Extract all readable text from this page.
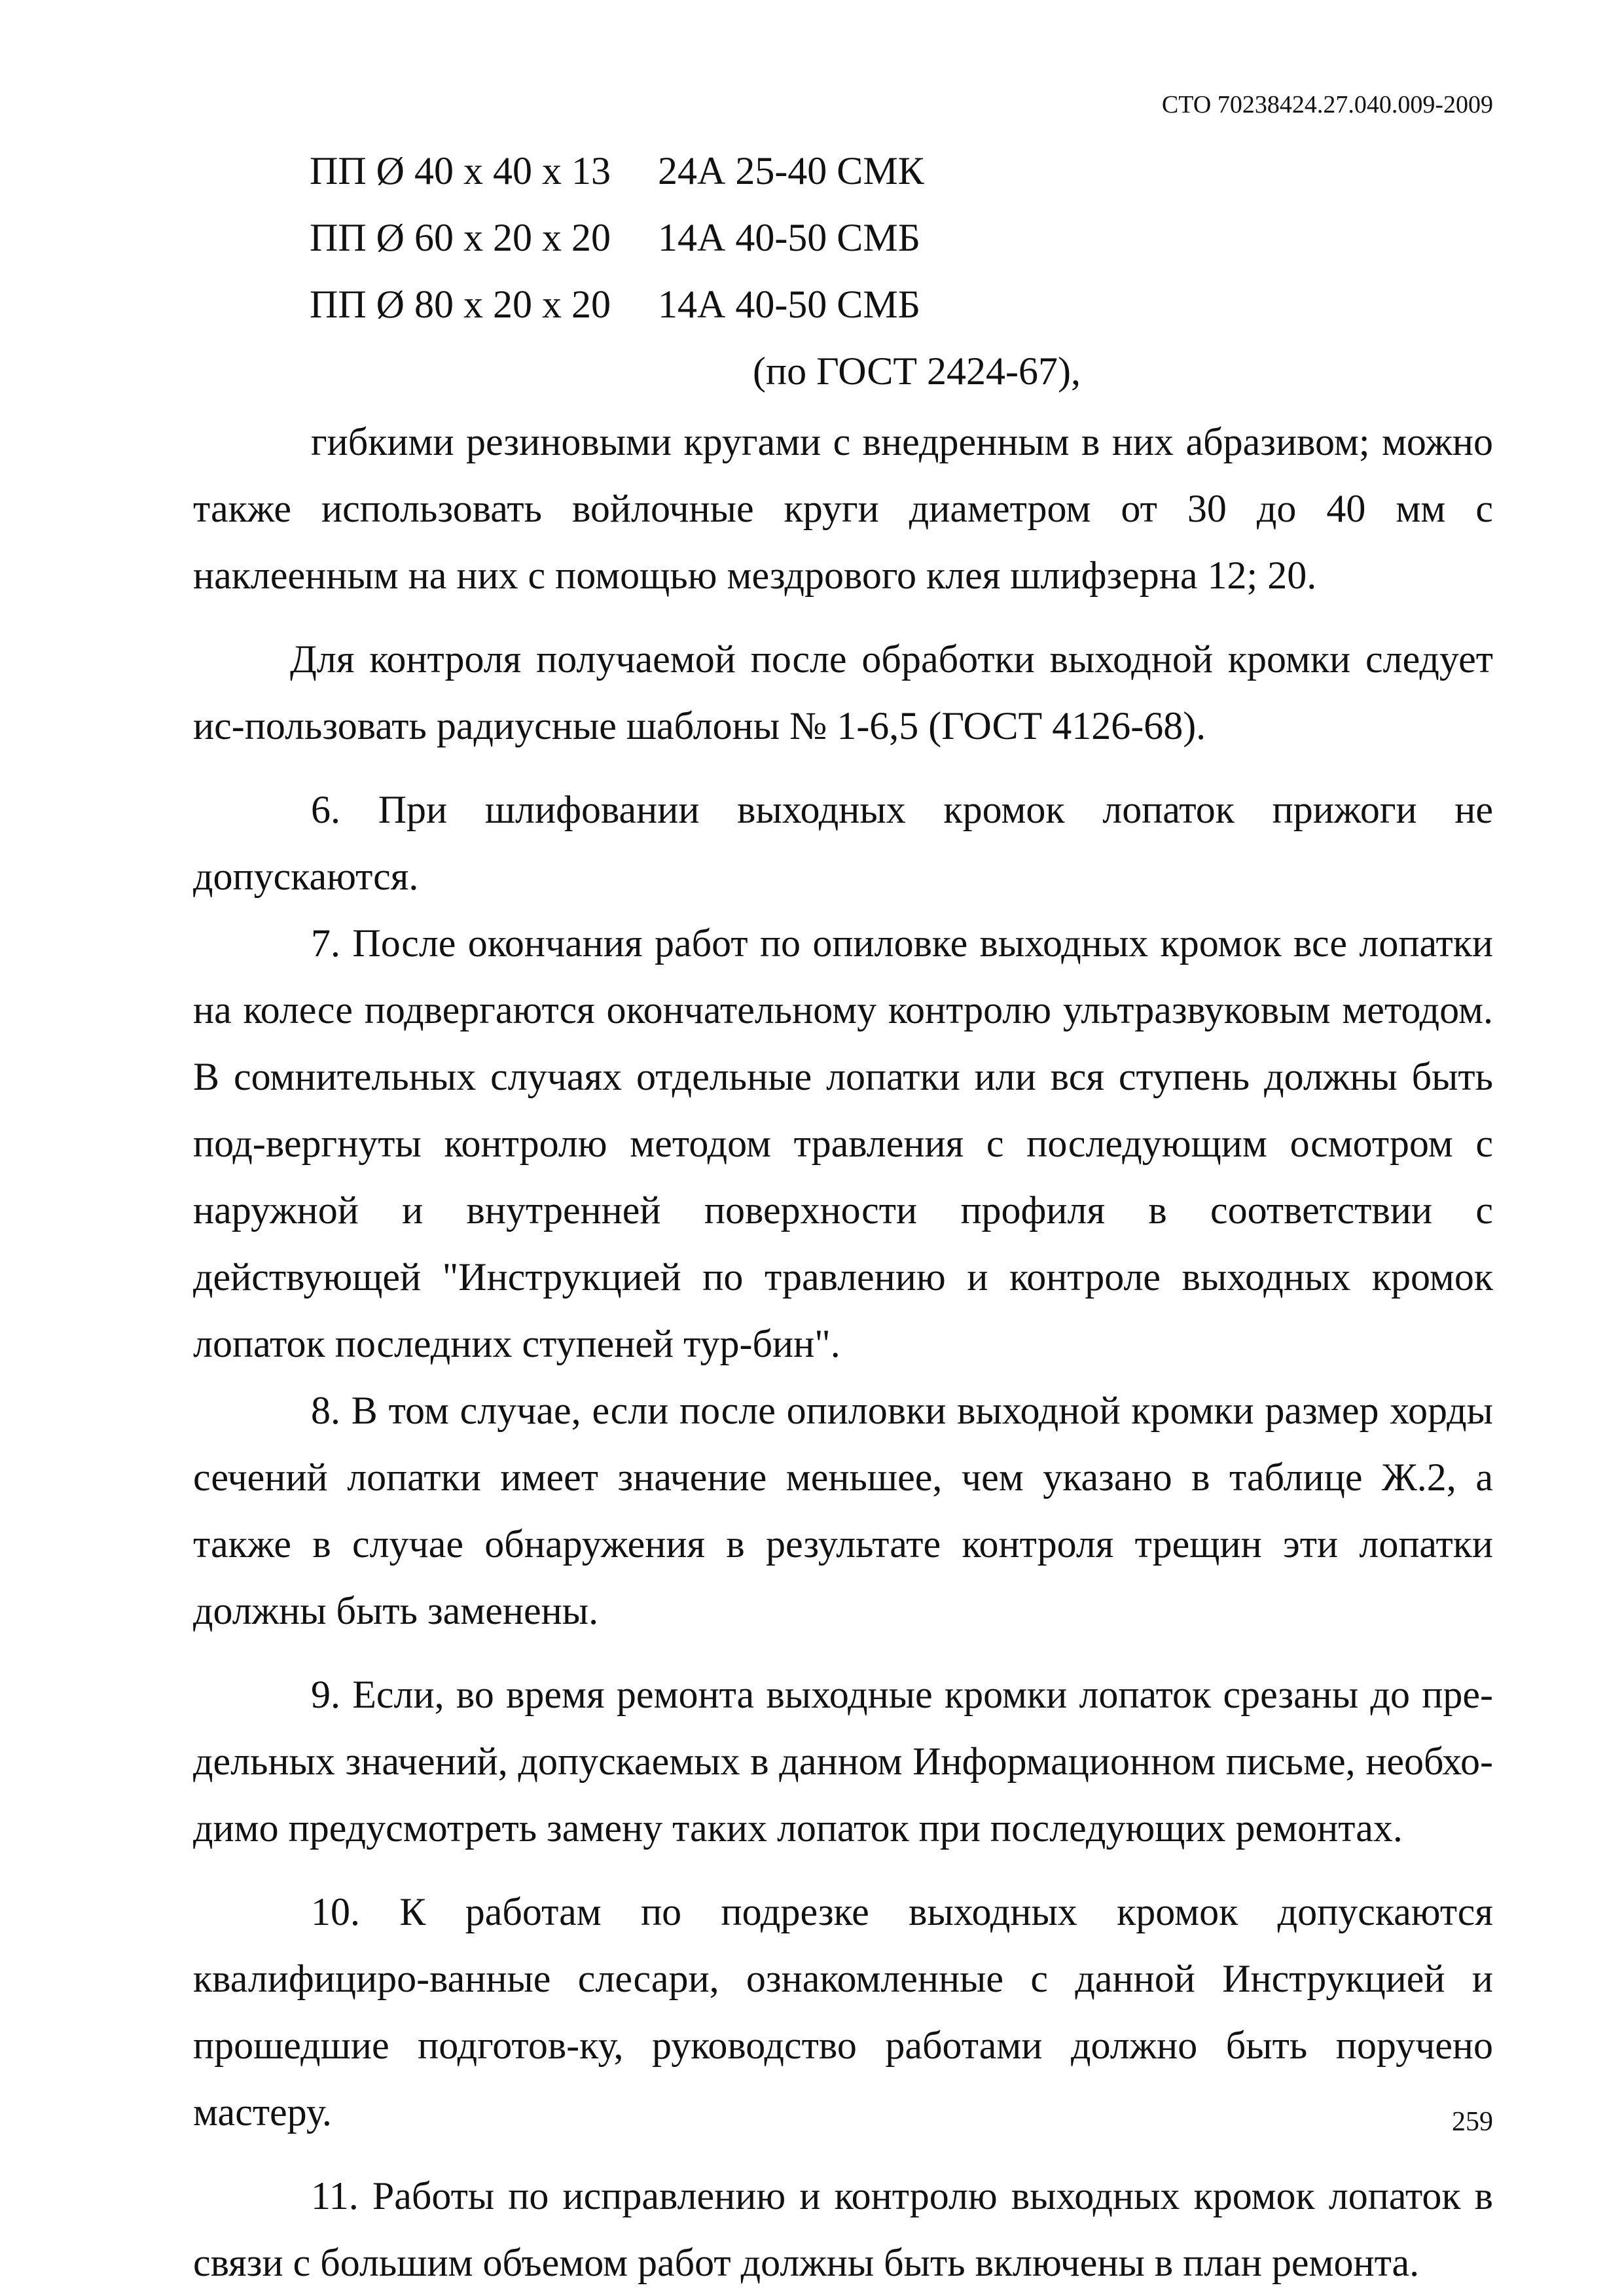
СТО 70238424.27.040.009-2009
ПП Ø 40 х 40 х 13	24А 25-40 СМК
ПП Ø 60 х 20 х 20	14А 40-50 СМБ
ПП Ø 80 х 20 х 20	14А 40-50 СМБ
(по ГОСТ 2424-67),

гибкими резиновыми кругами с внедренным в них абразивом; можно также использовать войлочные круги диаметром от 30 до 40 мм с наклеенным на них с помощью мездрового клея шлифзерна 12; 20.

Для контроля получаемой после обработки выходной кромки следует ис-пользовать радиусные шаблоны № 1-6,5 (ГОСТ 4126-68).

6. При шлифовании выходных кромок лопаток прижоги не допускаются.

7. После окончания работ по опиловке выходных кромок все лопатки на колесе подвергаются окончательному контролю ультразвуковым методом. В сомнительных случаях отдельные лопатки или вся ступень должны быть под-вергнуты контролю методом травления с последующим осмотром с наружной и внутренней поверхности профиля в соответствии с действующей "Инструкцией по травлению и контроле выходных кромок лопаток последних ступеней тур-бин".

8. В том случае, если после опиловки выходной кромки размер хорды сечений лопатки имеет значение меньшее, чем указано в таблице Ж.2, а также в случае обнаружения в результате контроля трещин эти лопатки должны быть заменены.

9. Если, во время ремонта выходные кромки лопаток срезаны до пре-дельных значений, допускаемых в данном Информационном письме, необхо-димо предусмотреть замену таких лопаток при последующих ремонтах.

10. К работам по подрезке выходных кромок допускаются квалифициро-ванные слесари, ознакомленные с данной Инструкцией и прошедшие подготов-ку, руководство работами должно быть поручено мастеру.

11. Работы по исправлению и контролю выходных кромок лопаток в связи с большим объемом работ должны быть включены в план ремонта.

259
